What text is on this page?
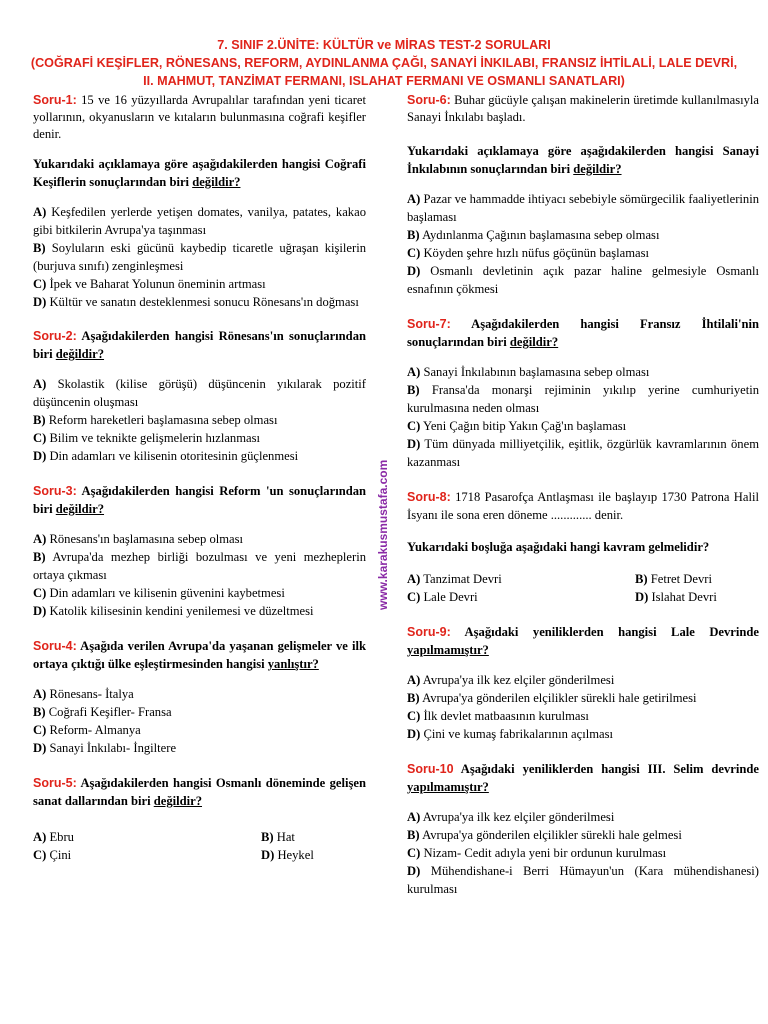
7. SINIF 2.ÜNİTE: KÜLTÜR ve MİRAS TEST-2 SORULARI
(COĞRAFİ KEŞİFLER, RÖNESANS, REFORM, AYDINLANMA ÇAĞI, SANAYİ İNKILABI, FRANSIZ İHTİLALİ, LALE DEVRİ,
II. MAHMUT, TANZİMAT FERMANI, ISLAHAT FERMANI VE OSMANLI SANATLARI)
www.karakusmustafa.com
Soru-1: 15 ve 16 yüzyıllarda Avrupalılar tarafından yeni ticaret yollarının, okyanusların ve kıtaların bulunmasına coğrafi keşifler denir.
Yukarıdaki açıklamaya göre aşağıdakilerden hangisi Coğrafi Keşiflerin sonuçlarından biri değildir?
A) Keşfedilen yerlerde yetişen domates, vanilya, patates, kakao gibi bitkilerin Avrupa'ya taşınması
B) Soyluların eski gücünü kaybedip ticaretle uğraşan kişilerin (burjuva sınıfı) zenginleşmesi
C) İpek ve Baharat Yolunun öneminin artması
D) Kültür ve sanatın desteklenmesi sonucu Rönesans'ın doğması
Soru-2: Aşağıdakilerden hangisi Rönesans'ın sonuçlarından biri değildir?
A) Skolastik (kilise görüşü) düşüncenin yıkılarak pozitif düşüncenin oluşması
B) Reform hareketleri başlamasına sebep olması
C) Bilim ve teknikte gelişmelerin hızlanması
D) Din adamları ve kilisenin otoritesinin güçlenmesi
Soru-3: Aşağıdakilerden hangisi Reform 'un sonuçlarından biri değildir?
A) Rönesans'ın başlamasına sebep olması
B) Avrupa'da mezhep birliği bozulması ve yeni mezheplerin ortaya çıkması
C) Din adamları ve kilisenin güvenini kaybetmesi
D) Katolik kilisesinin kendini yenilemesi ve düzeltmesi
Soru-4: Aşağıda verilen Avrupa'da yaşanan gelişmeler ve ilk ortaya çıktığı ülke eşleştirmesinden hangisi yanlıştır?
A) Rönesans- İtalya
B) Coğrafi Keşifler- Fransa
C) Reform- Almanya
D) Sanayi İnkılabı- İngiltere
Soru-5: Aşağıdakilerden hangisi Osmanlı döneminde gelişen sanat dallarından biri değildir?
A) Ebru	B) Hat
C) Çini	D) Heykel
Soru-6: Buhar gücüyle çalışan makinelerin üretimde kullanılmasıyla Sanayi İnkılabı başladı.
Yukarıdaki açıklamaya göre aşağıdakilerden hangisi Sanayi İnkılabının sonuçlarından biri değildir?
A) Pazar ve hammadde ihtiyacı sebebiyle sömürgecilik faaliyetlerinin başlaması
B) Aydınlanma Çağının başlamasına sebep olması
C) Köyden şehre hızlı nüfus göçünün başlaması
D) Osmanlı devletinin açık pazar haline gelmesiyle Osmanlı esnafının çökmesi
Soru-7: Aşağıdakilerden hangisi Fransız İhtilali'nin sonuçlarından biri değildir?
A) Sanayi İnkılabının başlamasına sebep olması
B) Fransa'da monarşi rejiminin yıkılıp yerine cumhuriyetin kurulmasına neden olması
C) Yeni Çağın bitip Yakın Çağ'ın başlaması
D) Tüm dünyada milliyetçilik, eşitlik, özgürlük kavramlarının önem kazanması
Soru-8: 1718 Pasarofça Antlaşması ile başlayıp 1730 Patrona Halil İsyanı ile sona eren döneme ............. denir.
Yukarıdaki boşluğa aşağıdaki hangi kavram gelmelidir?
A) Tanzimat Devri	B) Fetret Devri
C) Lale Devri	D) Islahat Devri
Soru-9: Aşağıdaki yeniliklerden hangisi Lale Devrinde yapılmamıştır?
A) Avrupa'ya ilk kez elçiler gönderilmesi
B) Avrupa'ya gönderilen elçilikler sürekli hale getirilmesi
C) İlk devlet matbaasının kurulması
D) Çini ve kumaş fabrikalarının açılması
Soru-10 Aşağıdaki yeniliklerden hangisi III. Selim devrinde yapılmamıştır?
A) Avrupa'ya ilk kez elçiler gönderilmesi
B) Avrupa'ya gönderilen elçilikler sürekli hale gelmesi
C) Nizam- Cedit adıyla yeni bir ordunun kurulması
D) Mühendishane-i Berri Hümayun'un (Kara mühendishanesi) kurulması
